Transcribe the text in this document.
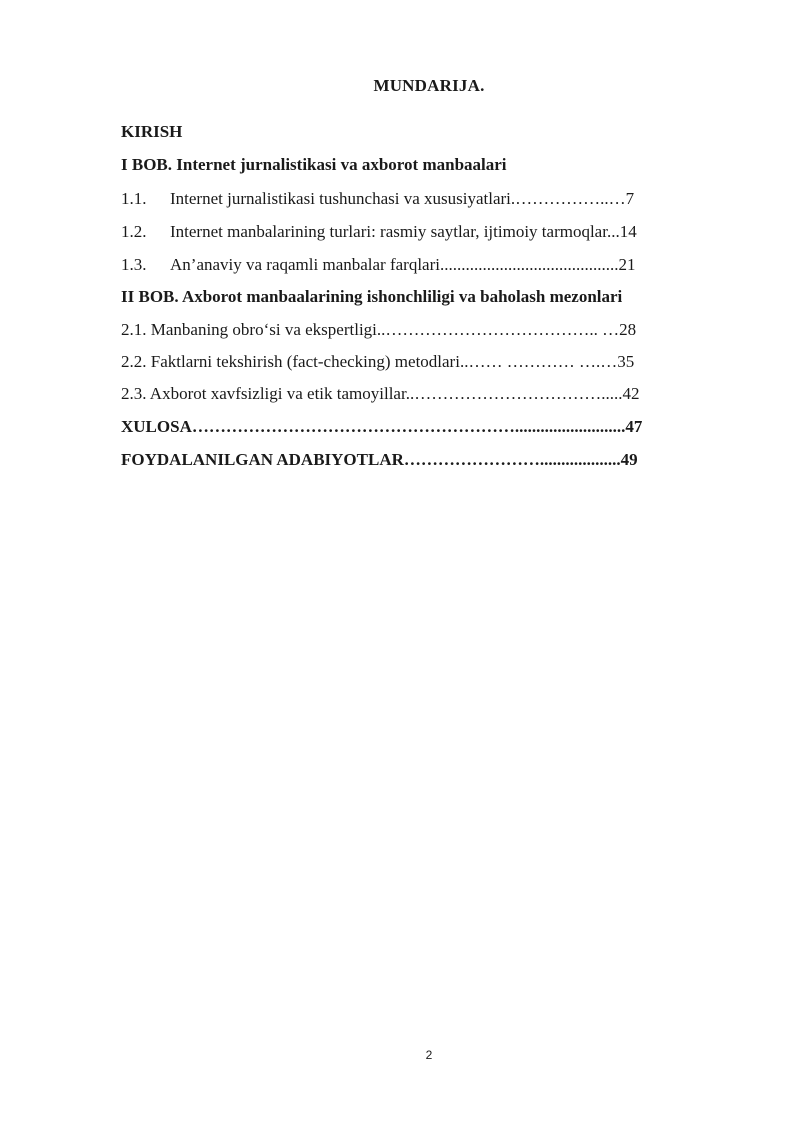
MUNDARIJA.
KIRISH
I BOB. Internet jurnalistikasi va axborot manbaalari
1.1. Internet jurnalistikasi tushunchasi va xususiyatlari.……………..…7
1.2. Internet manbalarining turlari: rasmiy saytlar, ijtimoiy tarmoqlar...14
1.3. An’anaviy va raqamli manbalar farqlari..........................................21
II BOB. Axborot manbaalarining ishonchliligi va baholash mezonlari
2.1. Manbaning obro‘si va ekspertligi..……………………………….. …28
2.2. Faktlarni tekshirish (fact-checking) metodlari..…… ………… ….…35
2.3. Axborot xavfsizligi va etik tamoyillar..…………………………….....42
XULOSA…………………………………………………..........................47
FOYDALANILGAN ADABIYOTLAR……………………...................49
2
